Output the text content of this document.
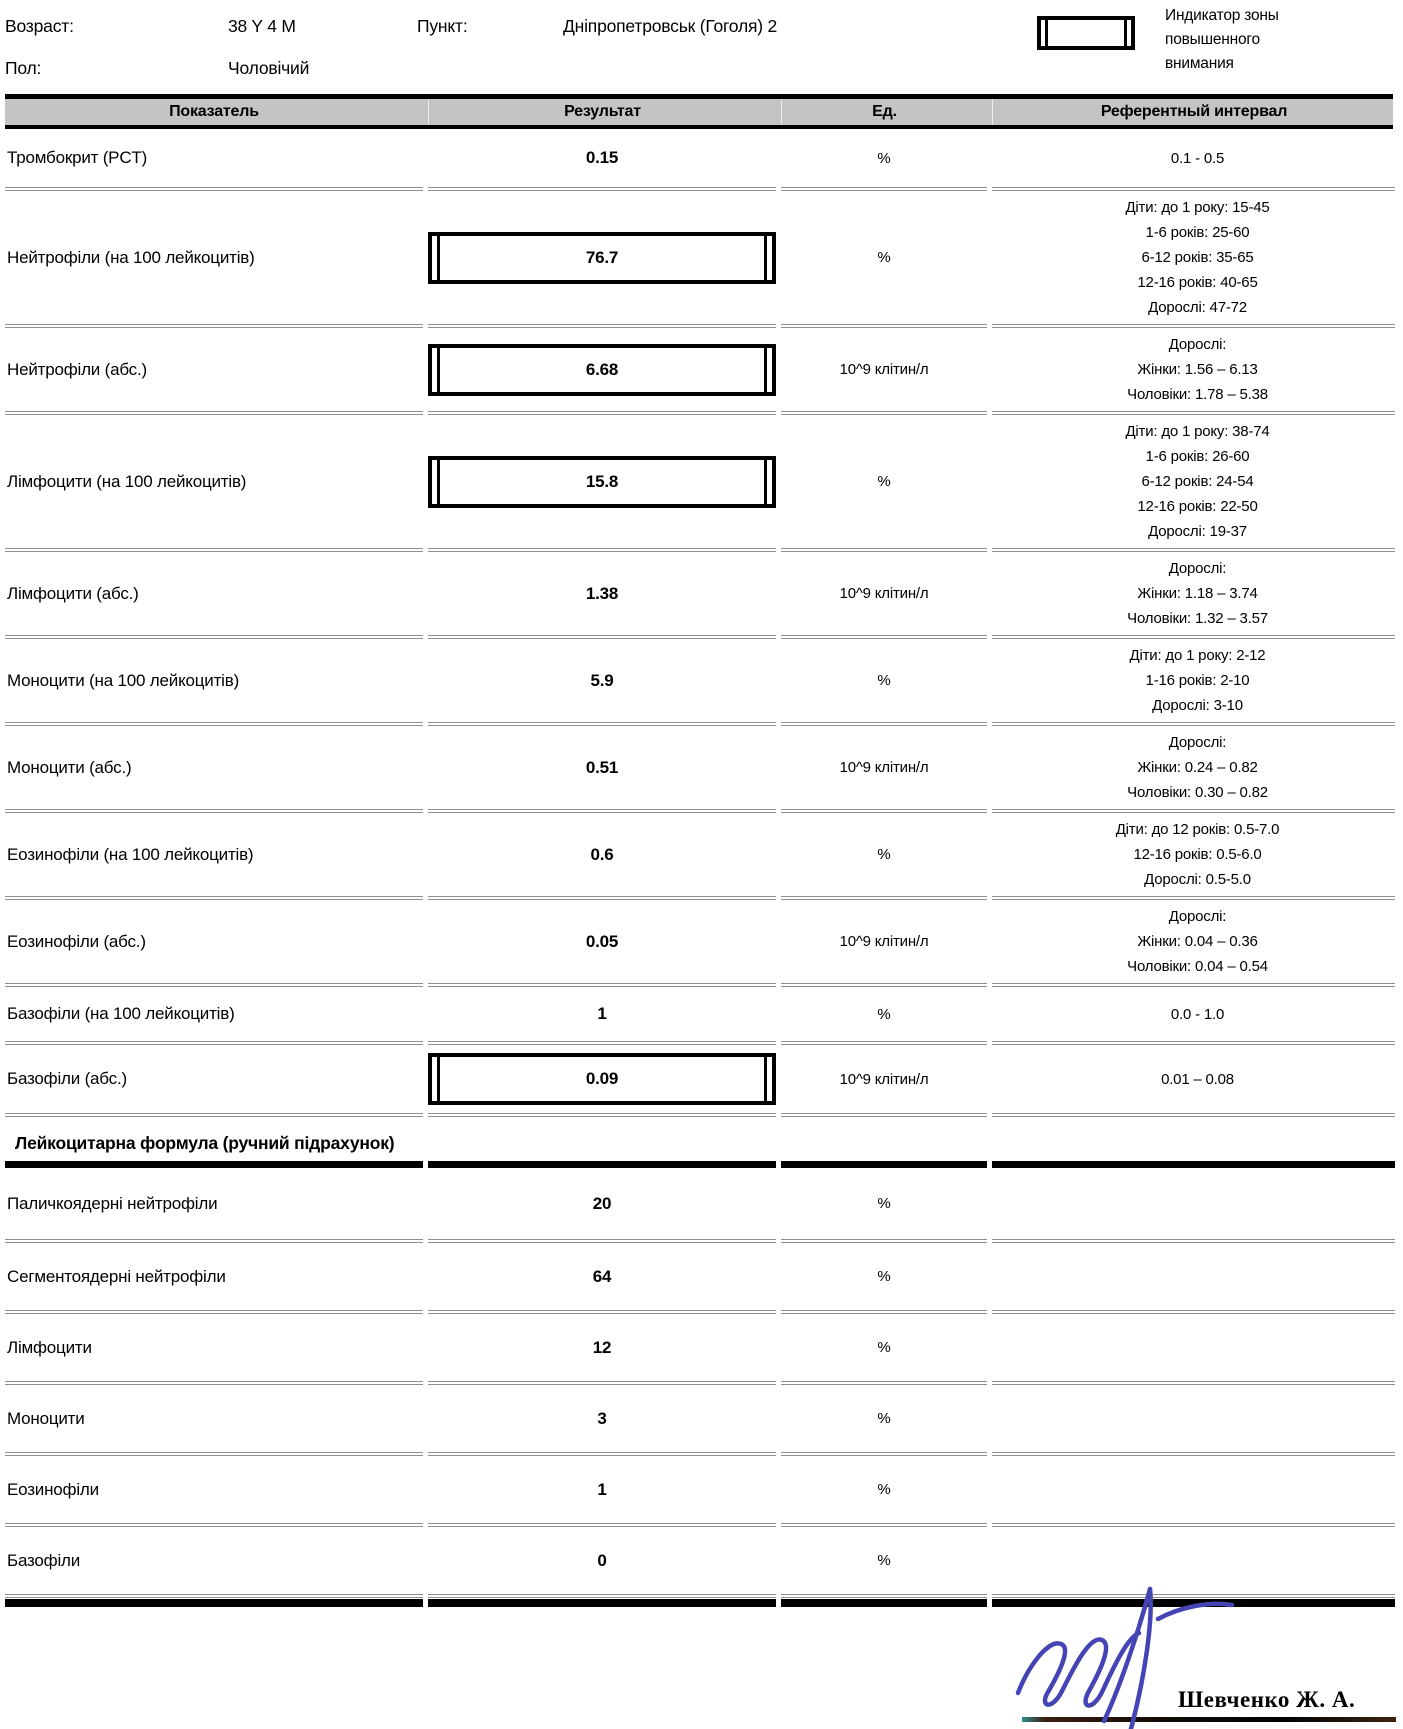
Возраст:	38 Y 4 M	Пункт:	Дніпропетровськ (Гоголя) 2
Пол:	Чоловічий
Индикатор зоны
повышенного
внимания
Показатель	Результат	Ед.	Референтный интервал
Тромбокрит (PCT)	0.15	%	0.1 - 0.5
Нейтрофіли (на 100 лейкоцитів)	76.7	%
Діти: до 1 року: 15-45
1-6 років: 25-60
6-12 років: 35-65
12-16 років: 40-65
Дорослі: 47-72
Нейтрофіли (абс.)	6.68	10^9 клітин/л
Дорослі:
Жінки: 1.56 – 6.13
Чоловіки: 1.78 – 5.38
Лімфоцити (на 100 лейкоцитів)	15.8	%
Діти: до 1 року: 38-74
1-6 років: 26-60
6-12 років: 24-54
12-16 років: 22-50
Дорослі: 19-37
Лімфоцити (абс.)	1.38	10^9 клітин/л
Дорослі:
Жінки: 1.18 – 3.74
Чоловіки: 1.32 – 3.57
Моноцити (на 100 лейкоцитів)	5.9	%
Діти: до 1 року: 2-12
1-16 років: 2-10
Дорослі: 3-10
Моноцити (абс.)	0.51	10^9 клітин/л
Дорослі:
Жінки: 0.24 – 0.82
Чоловіки: 0.30 – 0.82
Еозинофіли (на 100 лейкоцитів)	0.6	%
Діти: до 12 років: 0.5-7.0
12-16 років: 0.5-6.0
Дорослі: 0.5-5.0
Еозинофіли (абс.)	0.05	10^9 клітин/л
Дорослі:
Жінки: 0.04 – 0.36
Чоловіки: 0.04 – 0.54
Базофіли (на 100 лейкоцитів)	1	%	0.0 - 1.0
Базофіли (абс.)	0.09	10^9 клітин/л	0.01 – 0.08
Лейкоцитарна формула (ручний підрахунок)
Паличкоядерні нейтрофіли	20	%
Сегментоядерні нейтрофіли	64	%
Лімфоцити	12	%
Моноцити	3	%
Еозинофіли	1	%
Базофіли	0	%
Шевченко Ж. А.
